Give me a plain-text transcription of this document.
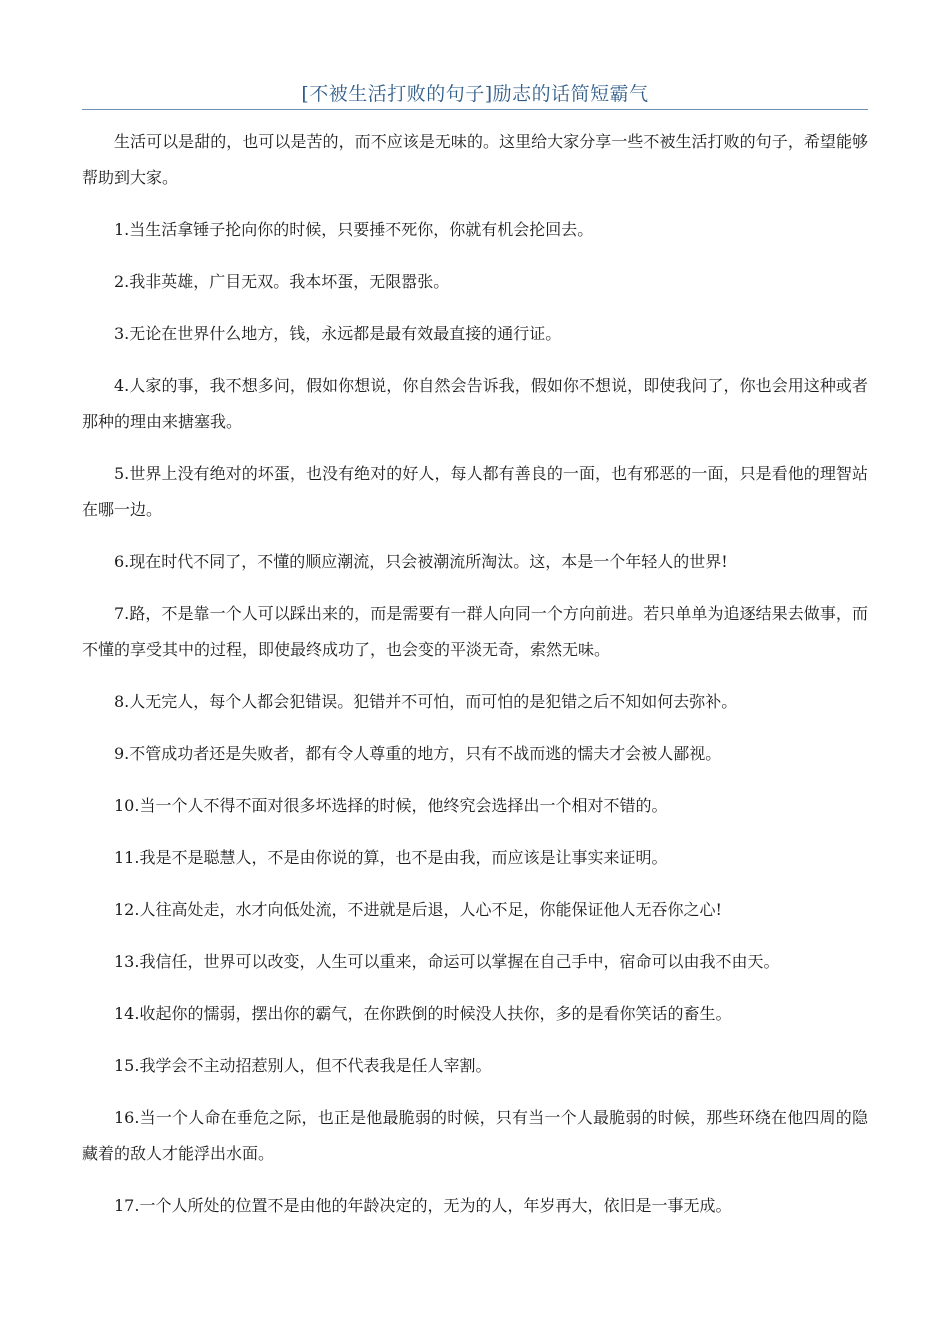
[不被生活打败的句子]励志的话简短霸气

生活可以是甜的，也可以是苦的，而不应该是无味的。这里给大家分享一些不被生活打败的句子，希望能够帮助到大家。

1.当生活拿锤子抡向你的时候，只要捶不死你，你就有机会抡回去。

2.我非英雄，广目无双。我本坏蛋，无限嚣张。

3.无论在世界什么地方，钱，永远都是最有效最直接的通行证。

4.人家的事，我不想多问，假如你想说，你自然会告诉我，假如你不想说，即使我问了，你也会用这种或者那种的理由来搪塞我。

5.世界上没有绝对的坏蛋，也没有绝对的好人，每人都有善良的一面，也有邪恶的一面，只是看他的理智站在哪一边。

6.现在时代不同了，不懂的顺应潮流，只会被潮流所淘汰。这，本是一个年轻人的世界!

7.路，不是靠一个人可以踩出来的，而是需要有一群人向同一个方向前进。若只单单为追逐结果去做事，而不懂的享受其中的过程，即使最终成功了，也会变的平淡无奇，索然无味。

8.人无完人，每个人都会犯错误。犯错并不可怕，而可怕的是犯错之后不知如何去弥补。

9.不管成功者还是失败者，都有令人尊重的地方，只有不战而逃的懦夫才会被人鄙视。

10.当一个人不得不面对很多坏选择的时候，他终究会选择出一个相对不错的。

11.我是不是聪慧人，不是由你说的算，也不是由我，而应该是让事实来证明。

12.人往高处走，水才向低处流，不进就是后退，人心不足，你能保证他人无吞你之心!

13.我信任，世界可以改变，人生可以重来，命运可以掌握在自己手中，宿命可以由我不由天。

14.收起你的懦弱，摆出你的霸气，在你跌倒的时候没人扶你，多的是看你笑话的畜生。

15.我学会不主动招惹别人，但不代表我是任人宰割。

16.当一个人命在垂危之际，也正是他最脆弱的时候，只有当一个人最脆弱的时候，那些环绕在他四周的隐藏着的敌人才能浮出水面。

17.一个人所处的位置不是由他的年龄决定的，无为的人，年岁再大，依旧是一事无成。
